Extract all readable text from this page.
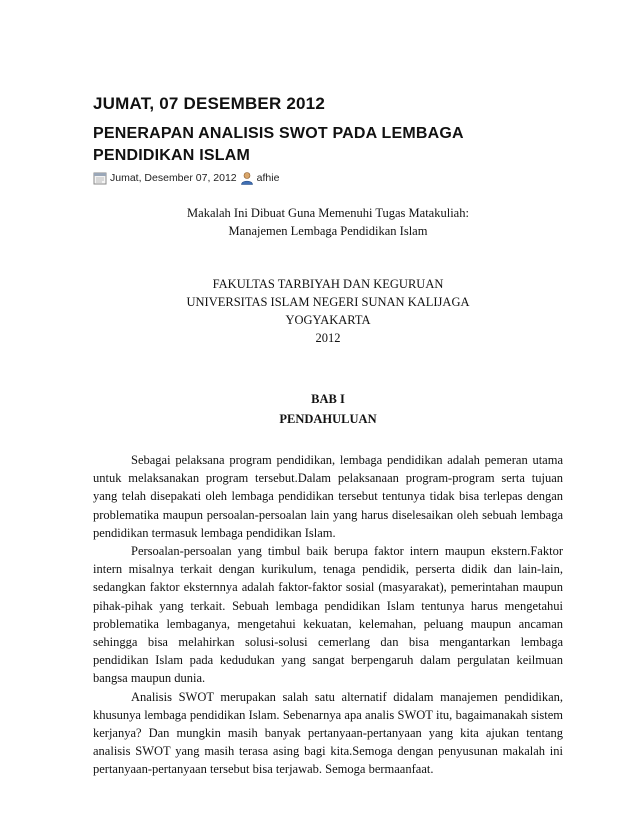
JUMAT, 07 DESEMBER 2012
PENERAPAN ANALISIS SWOT PADA LEMBAGA PENDIDIKAN ISLAM
Jumat, Desember 07, 2012 afhie
Makalah Ini Dibuat Guna Memenuhi Tugas Matakuliah:
Manajemen Lembaga Pendidikan Islam
FAKULTAS TARBIYAH DAN KEGURUAN
UNIVERSITAS ISLAM NEGERI SUNAN KALIJAGA
YOGYAKARTA
2012
BAB I
PENDAHULUAN

Sebagai pelaksana program pendidikan, lembaga pendidikan adalah pemeran utama untuk melaksanakan program tersebut.Dalam pelaksanaan program-program serta tujuan yang telah disepakati oleh lembaga pendidikan tersebut tentunya tidak bisa terlepas dengan problematika maupun persoalan-persoalan lain yang harus diselesaikan oleh sebuah lembaga pendidikan termasuk lembaga pendidikan Islam.

Persoalan-persoalan yang timbul baik berupa faktor intern maupun ekstern.Faktor intern misalnya terkait dengan kurikulum, tenaga pendidik, perserta didik dan lain-lain, sedangkan faktor eksternnya adalah faktor-faktor sosial (masyarakat), pemerintahan maupun pihak-pihak yang terkait. Sebuah lembaga pendidikan Islam tentunya harus mengetahui problematika lembaganya, mengetahui kekuatan, kelemahan, peluang maupun ancaman sehingga bisa melahirkan solusi-solusi cemerlang dan bisa mengantarkan lembaga pendidikan Islam pada kedudukan yang sangat berpengaruh dalam pergulatan keilmuan bangsa maupun dunia.

Analisis SWOT merupakan salah satu alternatif didalam manajemen pendidikan, khusunya lembaga pendidikan Islam. Sebenarnya apa analis SWOT itu, bagaimanakah sistem kerjanya? Dan mungkin masih banyak pertanyaan-pertanyaan yang kita ajukan tentang analisis SWOT yang masih terasa asing bagi kita.Semoga dengan penyusunan makalah ini pertanyaan-pertanyaan tersebut bisa terjawab. Semoga bermaanfaat.
